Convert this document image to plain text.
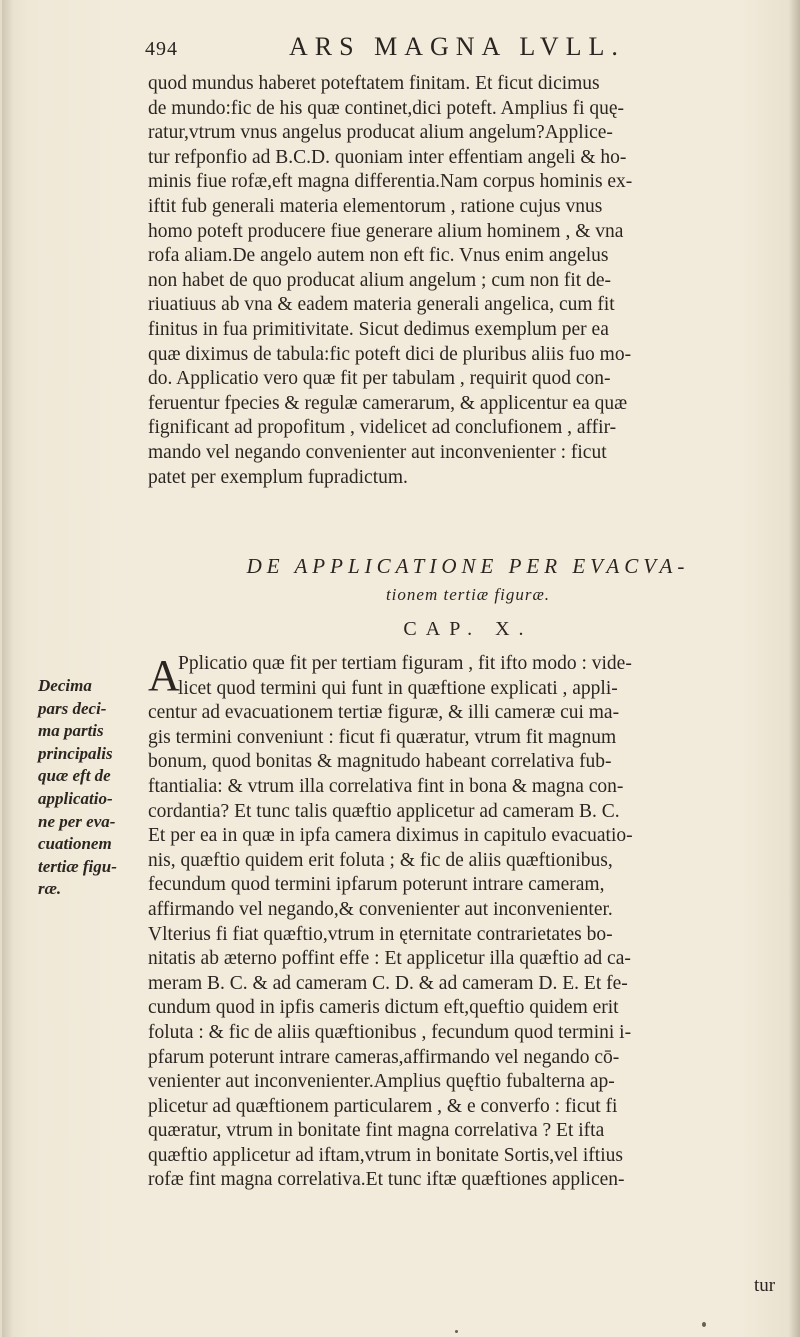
494	ARS MAGNA LVLL.
quod mundus haberet poteftatem finitam. Et ficut dicimus
de mundo:fic de his quæ continet,dici poteft. Amplius fi quę-
ratur,vtrum vnus angelus producat alium angelum?Applice-
tur refponfio ad B.C.D. quoniam inter effentiam angeli & ho-
minis fiue rofæ,eft magna differentia.Nam corpus hominis ex-
iftit fub generali materia elementorum , ratione cujus vnus
homo poteft producere fiue generare alium hominem , & vna
rofa aliam.De angelo autem non eft fic. Vnus enim angelus
non habet de quo producat alium angelum ; cum non fit de-
riuatiuus ab vna & eadem materia generali angelica, cum fit
finitus in fua primitivitate. Sicut dedimus exemplum per ea
quæ diximus de tabula:fic poteft dici de pluribus aliis fuo mo-
do. Applicatio vero quæ fit per tabulam , requirit quod con-
feruentur fpecies & regulæ camerarum, & applicentur ea quæ
fignificant ad propofitum , videlicet ad conclufionem , affir-
mando vel negando convenienter aut inconvenienter : ficut
patet per exemplum fupradictum.
DE APPLICATIONE PER EVACVA-
tionem tertiæ figuræ.
CAP. X.
A
Pplicatio quæ fit per tertiam figuram , fit ifto modo : vide-
licet quod termini qui funt in quæftione explicati , appli-
centur ad evacuationem tertiæ figuræ, & illi cameræ cui ma-
gis termini conveniunt : ficut fi quæratur, vtrum fit magnum
bonum, quod bonitas & magnitudo habeant correlativa fub-
ftantialia: & vtrum illa correlativa fint in bona & magna con-
cordantia? Et tunc talis quæftio applicetur ad cameram B. C.
Et per ea in quæ in ipfa camera diximus in capitulo evacuatio-
nis, quæftio quidem erit foluta ; & fic de aliis quæftionibus,
fecundum quod termini ipfarum poterunt intrare cameram,
affirmando vel negando,& convenienter aut inconvenienter.
Vlterius fi fiat quæftio,vtrum in ęternitate contrarietates bo-
nitatis ab æterno poffint effe : Et applicetur illa quæftio ad ca-
meram B. C. & ad cameram C. D. & ad cameram D. E. Et fe-
cundum quod in ipfis cameris dictum eft,queftio quidem erit
foluta : & fic de aliis quæftionibus , fecundum quod termini i-
pfarum poterunt intrare cameras,affirmando vel negando cō-
venienter aut inconvenienter.Amplius quęftio fubalterna ap-
plicetur ad quæftionem particularem , & e converfo : ficut fi
quæratur, vtrum in bonitate fint magna correlativa ? Et ifta
quæftio applicetur ad iftam,vtrum in bonitate Sortis,vel iftius
rofæ fint magna correlativa.Et tunc iftæ quæftiones applicen-
Decima
pars deci-
ma partis
principalis
quæ eft de
applicatio-
ne per eva-
cuationem
tertiæ figu-
ræ.
tur
